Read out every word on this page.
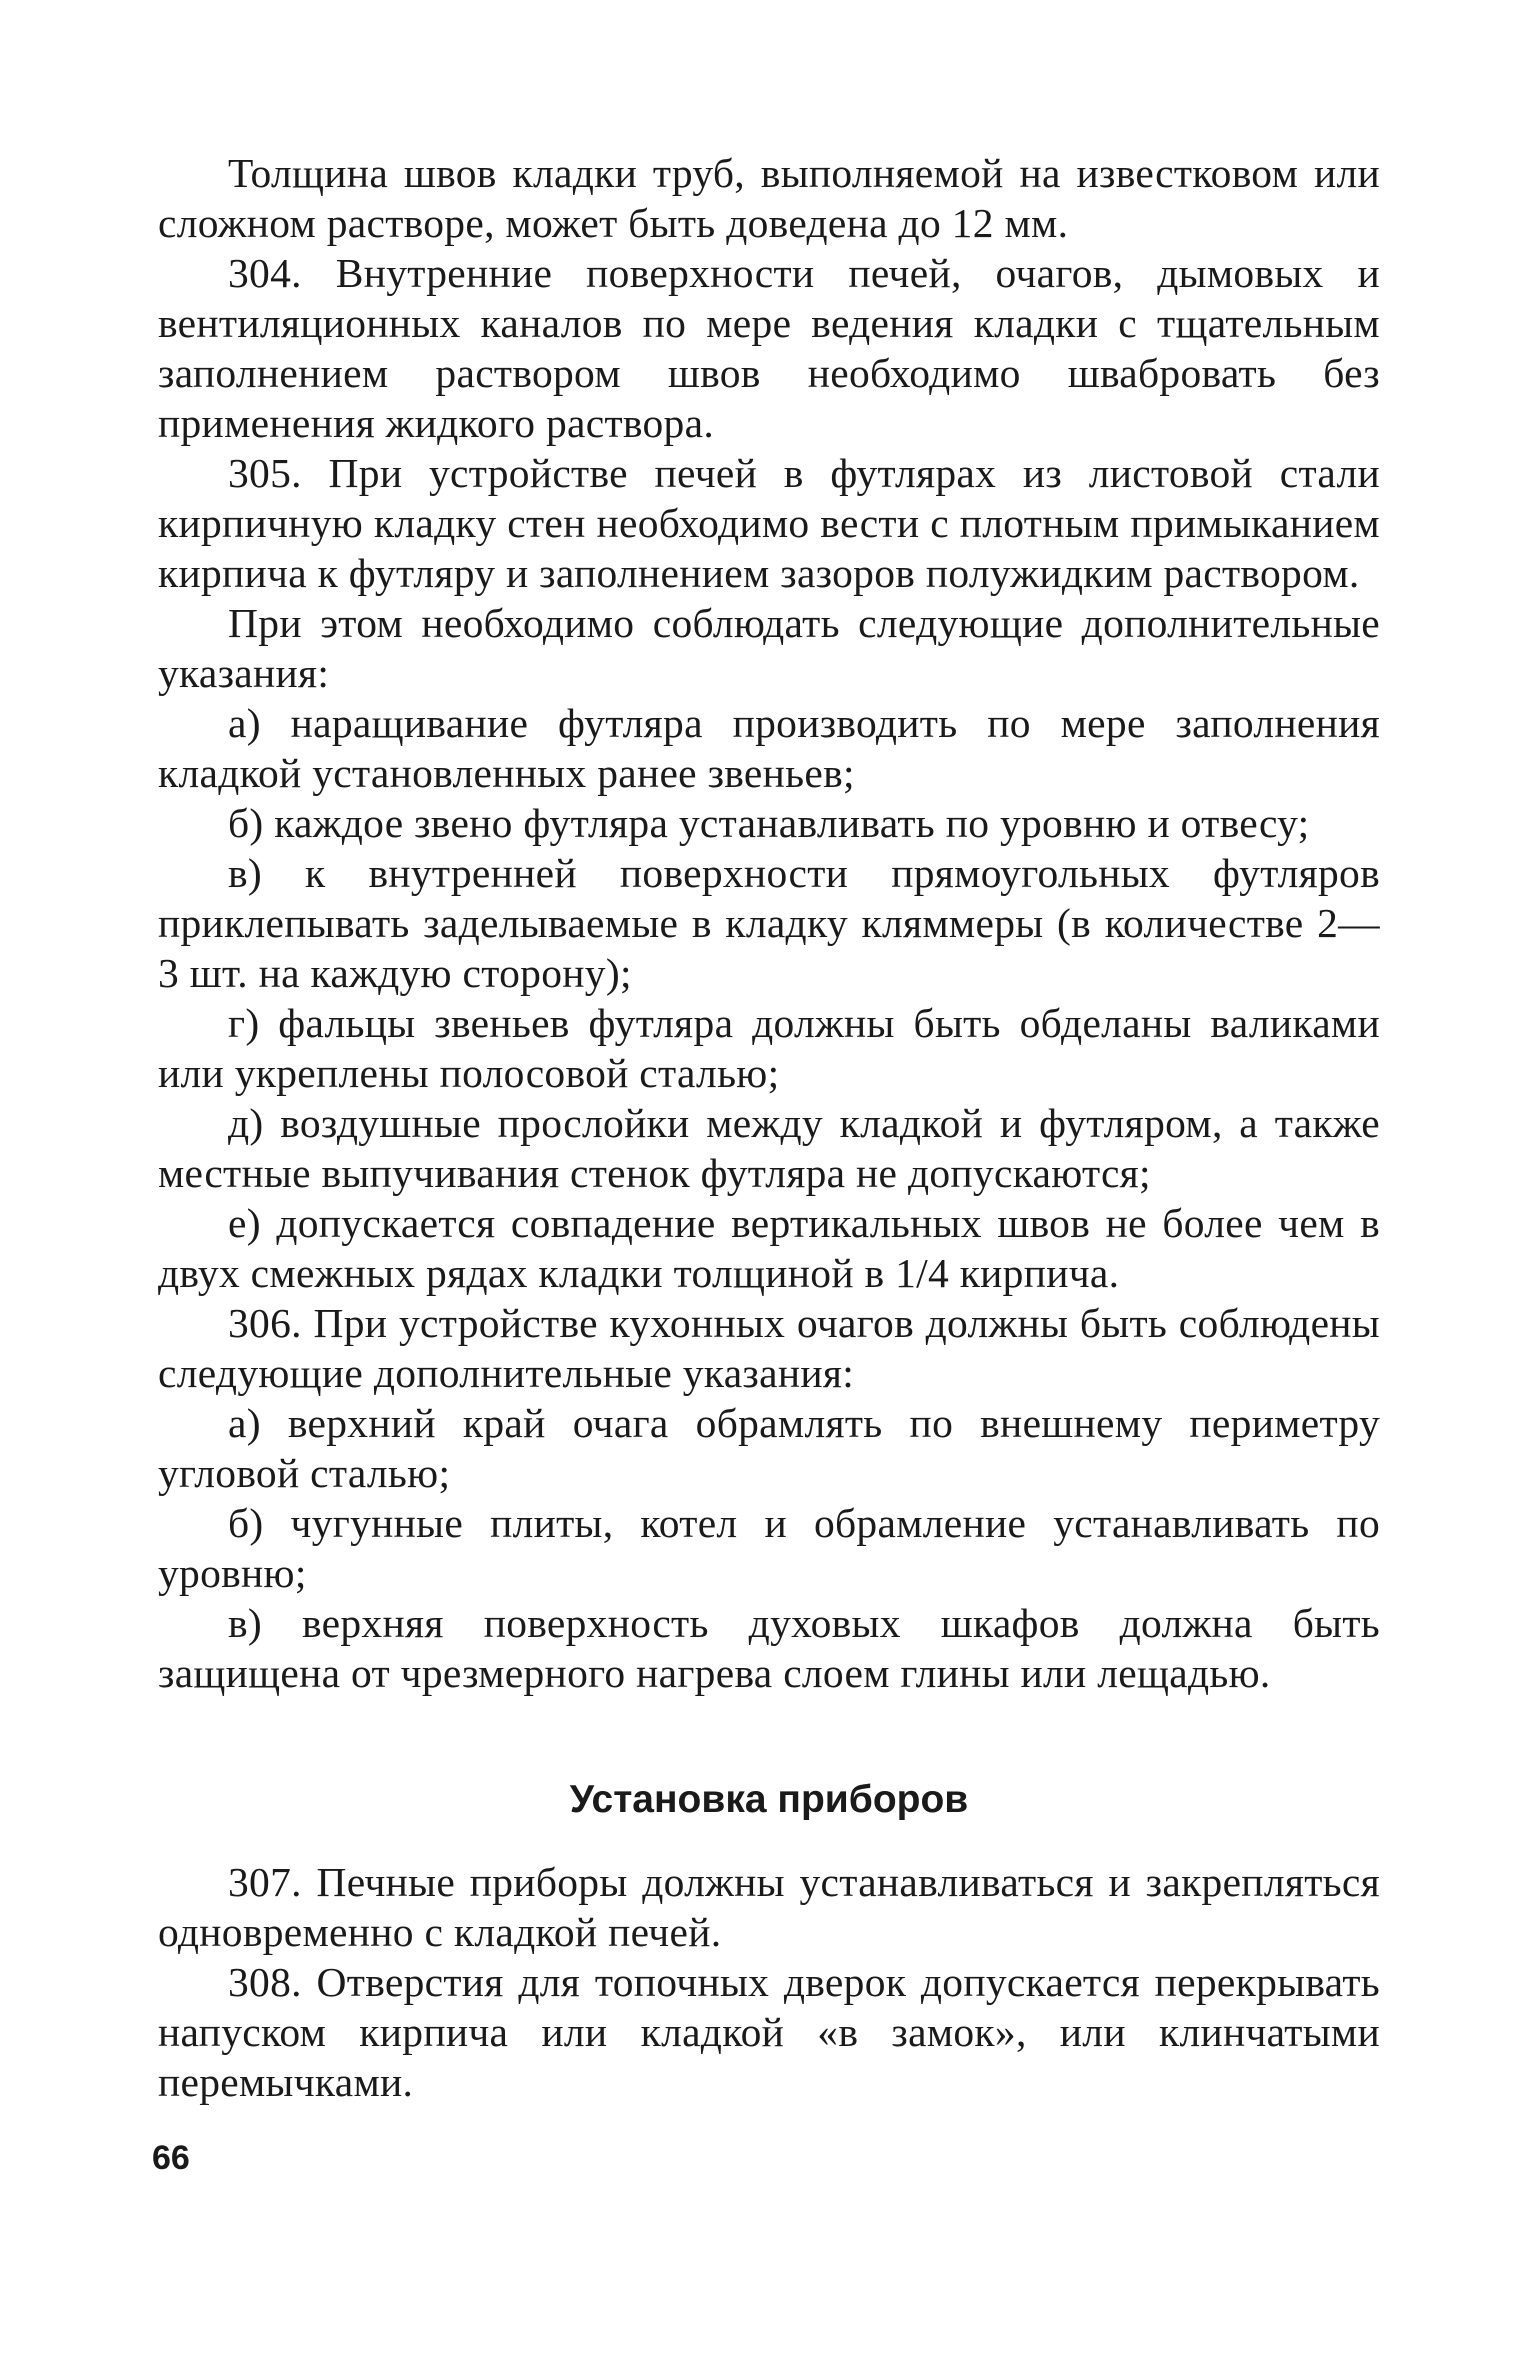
Толщина швов кладки труб, выполняемой на известковом или сложном растворе, может быть доведена до 12 мм.

304. Внутренние поверхности печей, очагов, дымовых и вентиляционных каналов по мере ведения кладки с тщательным заполнением раствором швов необходимо швабровать без применения жидкого раствора.

305. При устройстве печей в футлярах из листовой стали кирпичную кладку стен необходимо вести с плотным примыканием кирпича к футляру и заполнением зазоров полужидким раствором.

При этом необходимо соблюдать следующие дополнительные указания:

а) наращивание футляра производить по мере заполнения кладкой установленных ранее звеньев;

б) каждое звено футляра устанавливать по уровню и отвесу;

в) к внутренней поверхности прямоугольных футляров приклепывать заделываемые в кладку кляммеры (в количестве 2—3 шт. на каждую сторону);

г) фальцы звеньев футляра должны быть обделаны валиками или укреплены полосовой сталью;

д) воздушные прослойки между кладкой и футляром, а также местные выпучивания стенок футляра не допускаются;

е) допускается совпадение вертикальных швов не более чем в двух смежных рядах кладки толщиной в 1/4 кирпича.

306. При устройстве кухонных очагов должны быть соблюдены следующие дополнительные указания:

а) верхний край очага обрамлять по внешнему периметру угловой сталью;

б) чугунные плиты, котел и обрамление устанавливать по уровню;

в) верхняя поверхность духовых шкафов должна быть защищена от чрезмерного нагрева слоем глины или лещадью.

Установка приборов

307. Печные приборы должны устанавливаться и закрепляться одновременно с кладкой печей.

308. Отверстия для топочных дверок допускается перекрывать напуском кирпича или кладкой «в замок», или клинчатыми перемычками.

66
